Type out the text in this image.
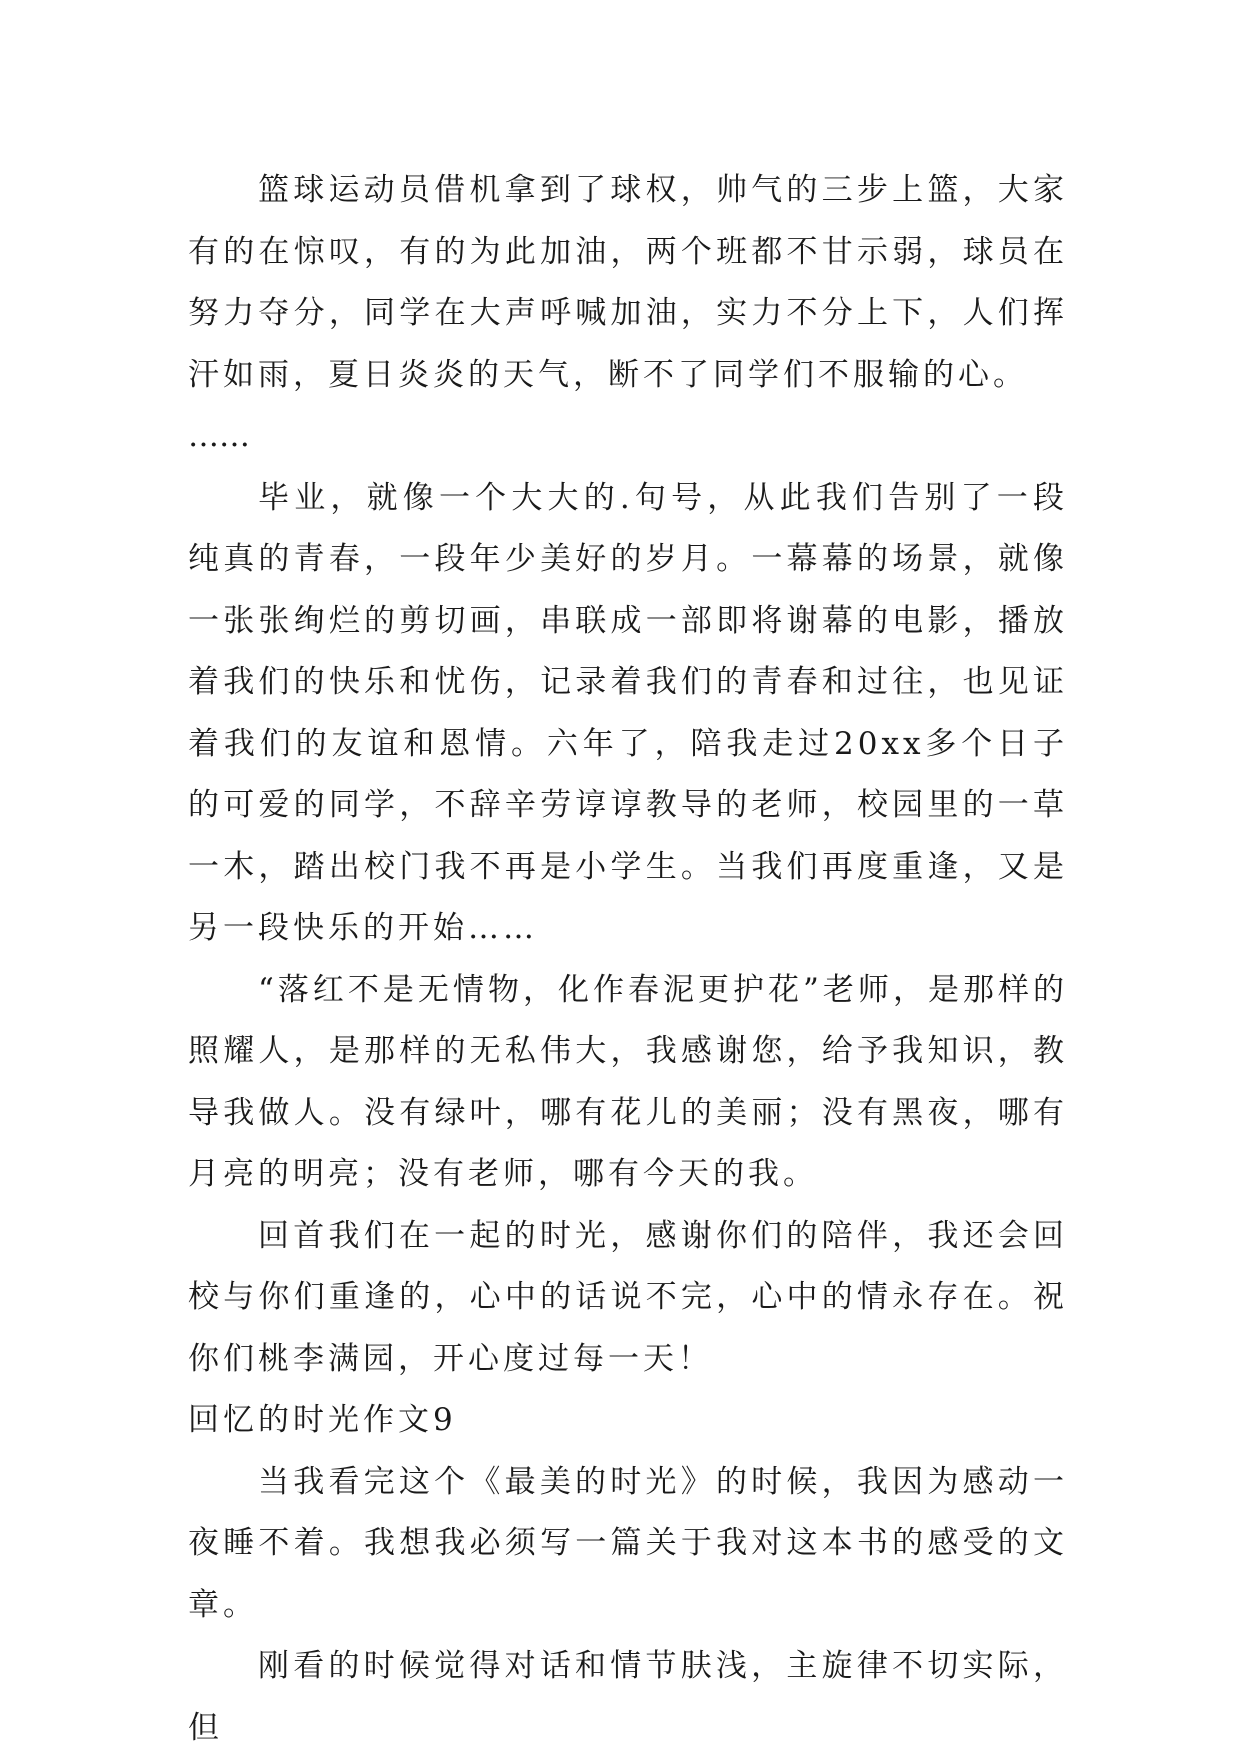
篮球运动员借机拿到了球权，帅气的三步上篮，大家有的在惊叹，有的为此加油，两个班都不甘示弱，球员在努力夺分，同学在大声呼喊加油，实力不分上下，人们挥汗如雨，夏日炎炎的天气，断不了同学们不服输的心。

……

毕业，就像一个大大的.句号，从此我们告别了一段纯真的青春，一段年少美好的岁月。一幕幕的场景，就像一张张绚烂的剪切画，串联成一部即将谢幕的电影，播放着我们的快乐和忧伤，记录着我们的青春和过往，也见证着我们的友谊和恩情。六年了，陪我走过20xx多个日子的可爱的同学，不辞辛劳谆谆教导的老师，校园里的一草一木，踏出校门我不再是小学生。当我们再度重逢，又是另一段快乐的开始……

“落红不是无情物，化作春泥更护花”老师，是那样的照耀人，是那样的无私伟大，我感谢您，给予我知识，教导我做人。没有绿叶，哪有花儿的美丽；没有黑夜，哪有月亮的明亮；没有老师，哪有今天的我。

回首我们在一起的时光，感谢你们的陪伴，我还会回校与你们重逢的，心中的话说不完，心中的情永存在。祝你们桃李满园，开心度过每一天！

回忆的时光作文9

当我看完这个《最美的时光》的时候，我因为感动一夜睡不着。我想我必须写一篇关于我对这本书的感受的文章。

刚看的时候觉得对话和情节肤浅，主旋律不切实际，但
